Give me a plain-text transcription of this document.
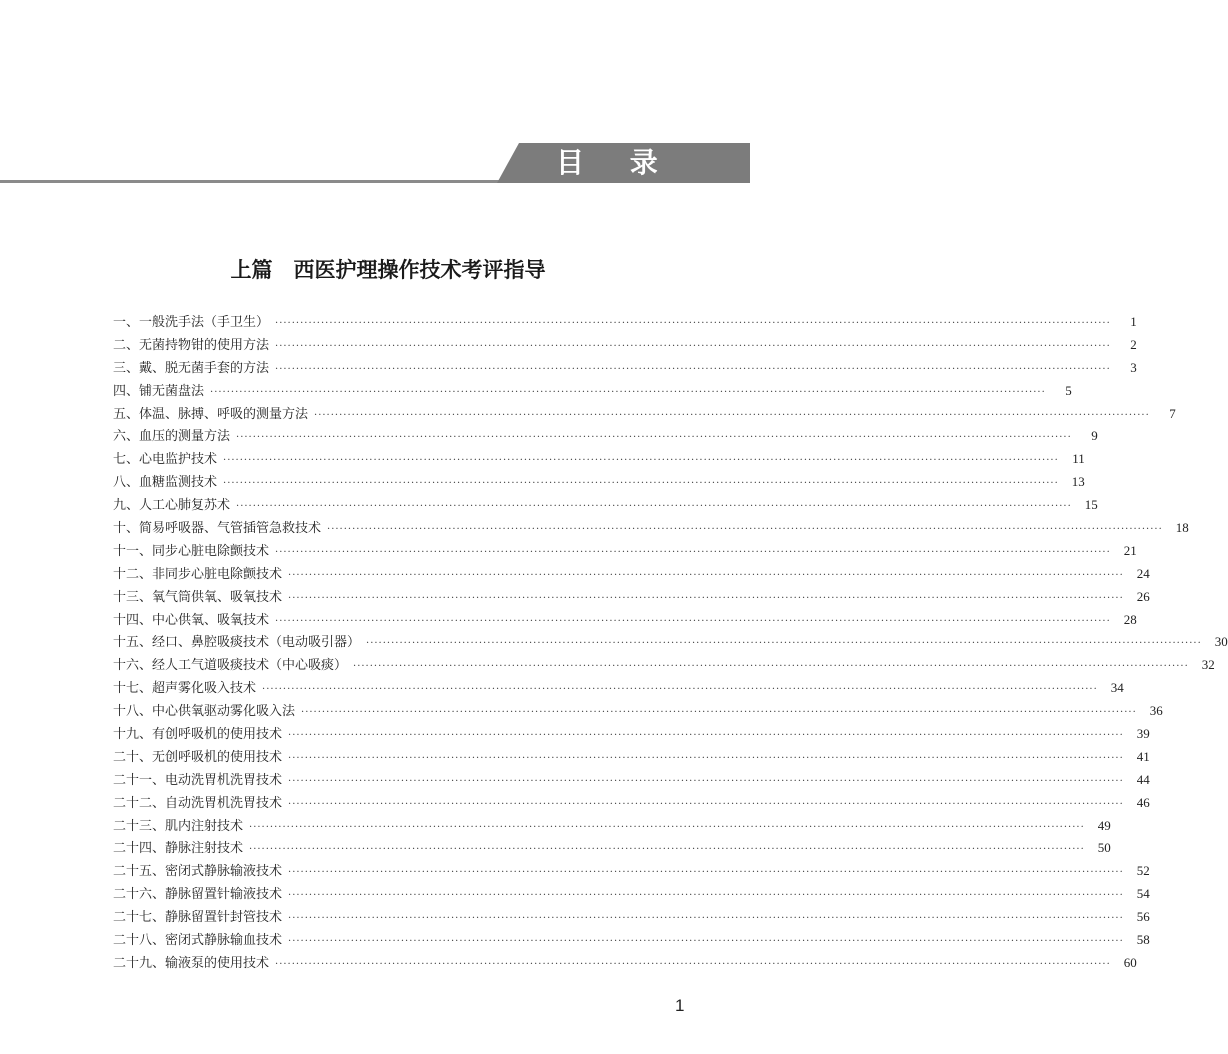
目 录
上篇　西医护理操作技术考评指导
一、一般洗手法（手卫生） ········································································································································································································	1
二、无菌持物钳的使用方法 ········································································································································································································	2
三、戴、脱无菌手套的方法 ········································································································································································································	3
四、铺无菌盘法 ········································································································································································································	5
五、体温、脉搏、呼吸的测量方法 ········································································································································································································	7
六、血压的测量方法 ········································································································································································································	9
七、心电监护技术 ········································································································································································································	11
八、血糖监测技术 ········································································································································································································	13
九、人工心肺复苏术 ········································································································································································································	15
十、简易呼吸器、气管插管急救技术 ········································································································································································································	18
十一、同步心脏电除颤技术 ········································································································································································································	21
十二、非同步心脏电除颤技术 ········································································································································································································	24
十三、氧气筒供氧、吸氧技术 ········································································································································································································	26
十四、中心供氧、吸氧技术 ········································································································································································································	28
十五、经口、鼻腔吸痰技术（电动吸引器） ········································································································································································································	30
十六、经人工气道吸痰技术（中心吸痰） ········································································································································································································	32
十七、超声雾化吸入技术 ········································································································································································································	34
十八、中心供氧驱动雾化吸入法 ········································································································································································································	36
十九、有创呼吸机的使用技术 ········································································································································································································	39
二十、无创呼吸机的使用技术 ········································································································································································································	41
二十一、电动洗胃机洗胃技术 ········································································································································································································	44
二十二、自动洗胃机洗胃技术 ········································································································································································································	46
二十三、肌内注射技术 ········································································································································································································	49
二十四、静脉注射技术 ········································································································································································································	50
二十五、密闭式静脉输液技术 ········································································································································································································	52
二十六、静脉留置针输液技术 ········································································································································································································	54
二十七、静脉留置针封管技术 ········································································································································································································	56
二十八、密闭式静脉输血技术 ········································································································································································································	58
二十九、输液泵的使用技术 ········································································································································································································	60
1
